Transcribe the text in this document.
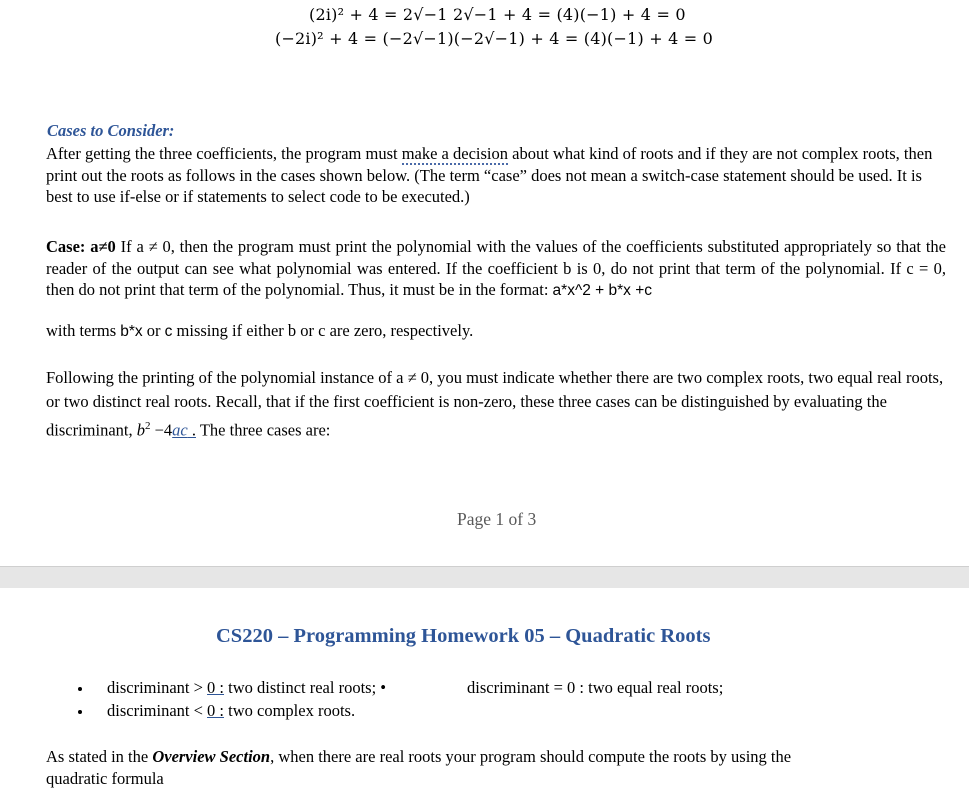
(2i)² + 4 = 2√−1 2√−1 + 4 = (4)(−1) + 4 = 0
(−2i)² + 4 = (−2√−1)(−2√−1) + 4 = (4)(−1) + 4 = 0
Cases to Consider:
After getting the three coefficients, the program must make a decision about what kind of roots and if they are not complex roots, then print out the roots as follows in the cases shown below. (The term “case” does not mean a switch-case statement should be used. It is best to use if-else or if statements to select code to be executed.)
Case: a≠0 If a ≠ 0, then the program must print the polynomial with the values of the coefficients substituted appropriately so that the reader of the output can see what polynomial was entered. If the coefficient b is 0, do not print that term of the polynomial. If c = 0, then do not print that term of the polynomial. Thus, it must be in the format: a*x^2 + b*x +c
with terms b*x or c missing if either b or c are zero, respectively.
Following the printing of the polynomial instance of a ≠ 0, you must indicate whether there are two complex roots, two equal real roots, or two distinct real roots. Recall, that if the first coefficient is non-zero, these three cases can be distinguished by evaluating the discriminant, $b^2 -4ac$ . The three cases are:
Page 1 of 3
CS220 – Programming Homework 05 – Quadratic Roots
discriminant > 0 : two distinct real roots; •	discriminant = 0 : two equal real roots;
discriminant < 0 : two complex roots.
As stated in the Overview Section, when there are real roots your program should compute the roots by using the
quadratic formula
